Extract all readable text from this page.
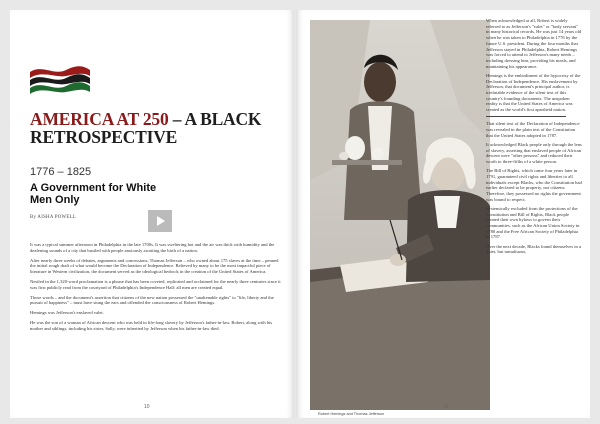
AMERICA AT 250 – A BLACK RETROSPECTIVE
1776 – 1825
A Government for White Men Only
By AISHA POWELL

It was a typical summer afternoon in Philadelphia in the late 1700s. It was sweltering hot and the air was thick with humidity and the deafening sounds of a city that bustled with people anxiously awaiting the birth of a nation.

After nearly three weeks of debates, arguments and concessions, Thomas Jefferson – who owned about 175 slaves at the time – penned the initial rough draft of what would become the Declaration of Independence. Believed by many to be the most impactful piece of literature in Western civilization, the document served as the ideological bedrock in the creation of the United States of America.

Nestled in the 1,320-word proclamation is a phrase that has been coveted, replicated and acclaimed for the nearly three centuries since it was first publicly read from the courtyard of Philadelphia's Independence Hall: all men are created equal.

Those words – and the document's assertion that citizens of the new nation possessed the "unalienable rights" to "life, liberty and the pursuit of happiness" – must have stung the ears and offended the consciousness of Robert Hemings.

Hemings was Jefferson's enslaved valet.

He was the son of a woman of African descent who was held in life-long slavery by Jefferson's father-in-law. Robert, along with his mother and siblings, including his sister, Sally, were inherited by Jefferson when his father-in-law died.

10
Robert Hemings and Thomas Jefferson

When acknowledged at all, Robert is widely referred to as Jefferson's "valet" or "body servant" in many historical records. He was just 14 years old when he was taken to Philadelphia in 1776 by the future U.S. president. During the four months that Jefferson stayed in Philadelphia, Robert Hemings was forced to attend to Jefferson's many needs – including dressing him, providing his meals, and maintaining his appearance.

Hemings is the embodiment of the hypocrisy of the Declaration of Independence. His enslavement by Jefferson, that document's principal author, is irrefutable evidence of the silent text of this country's founding documents. The unspoken reality is that the United States of America was created as the world's first apartheid nation.

That silent text of the Declaration of Independence was revealed in the plain text of the Constitution that the United States adopted in 1787.

It acknowledged Black people only through the lens of slavery, asserting that enslaved people of African descent were "other persons" and reduced their worth to three-fifths of a white person.

The Bill of Rights, which came four years later in 1791, guaranteed civil rights and liberties to all individuals except Blacks, who the Constitution had earlier declared to be property, not citizens. Therefore, they possessed no rights the government was bound to respect.

Systemically excluded from the protections of the Constitution and Bill of Rights, Black people created their own bylaws to govern their communities, such as the African Union Society in 1780 and the Free African Society of Philadelphia in 1787.

Over the next decade, Blacks found themselves in a quiet, but tumultuous,

11
